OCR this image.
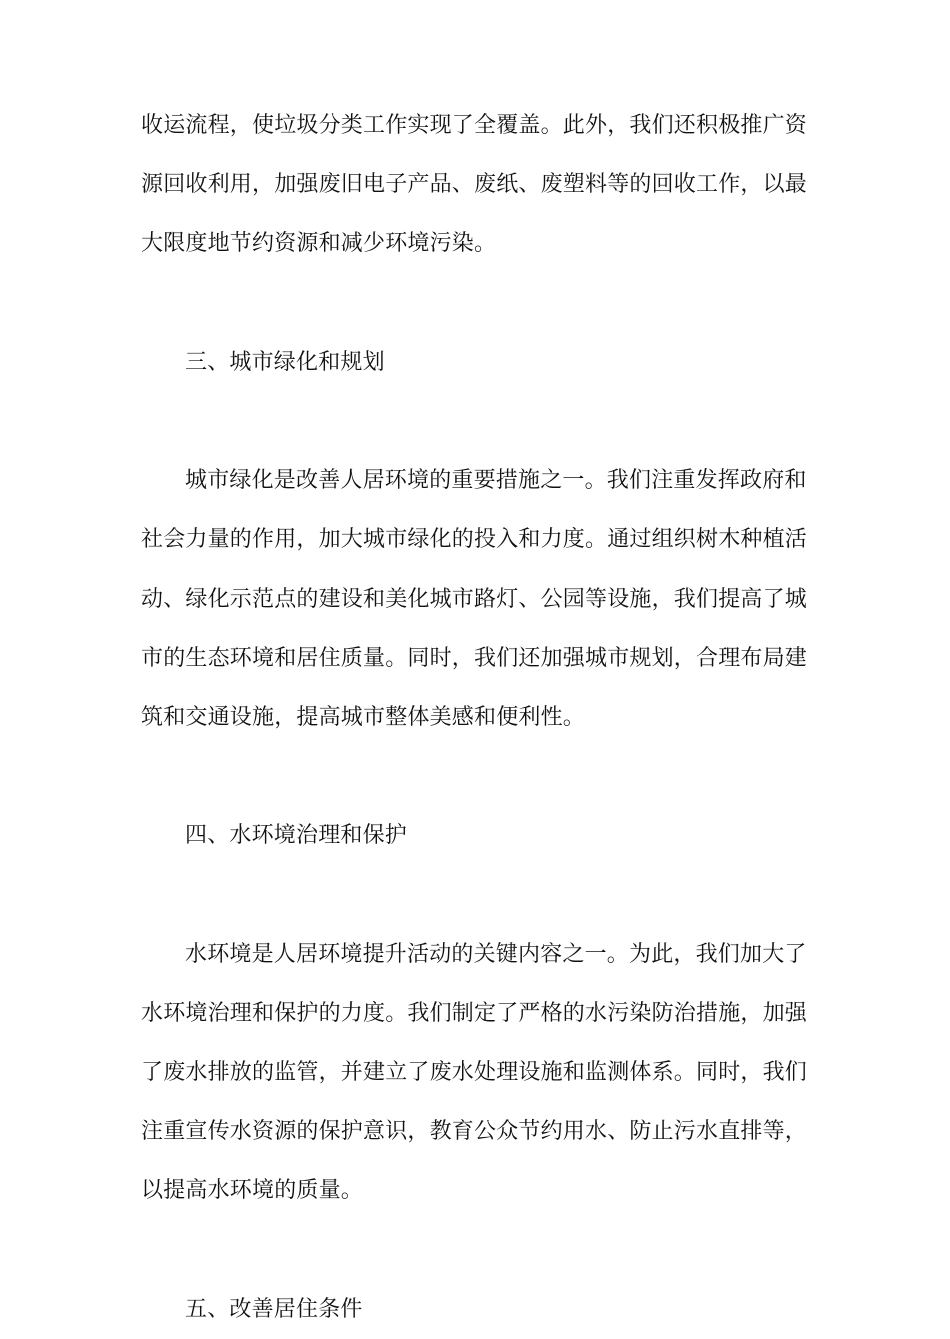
收运流程，使垃圾分类工作实现了全覆盖。此外，我们还积极推广资
源回收利用，加强废旧电子产品、废纸、废塑料等的回收工作，以最
大限度地节约资源和减少环境污染。
三、城市绿化和规划
城市绿化是改善人居环境的重要措施之一。我们注重发挥政府和
社会力量的作用，加大城市绿化的投入和力度。通过组织树木种植活
动、绿化示范点的建设和美化城市路灯、公园等设施，我们提高了城
市的生态环境和居住质量。同时，我们还加强城市规划，合理布局建
筑和交通设施，提高城市整体美感和便利性。
四、水环境治理和保护
水环境是人居环境提升活动的关键内容之一。为此，我们加大了
水环境治理和保护的力度。我们制定了严格的水污染防治措施，加强
了废水排放的监管，并建立了废水处理设施和监测体系。同时，我们
注重宣传水资源的保护意识，教育公众节约用水、防止污水直排等，
以提高水环境的质量。
五、改善居住条件
